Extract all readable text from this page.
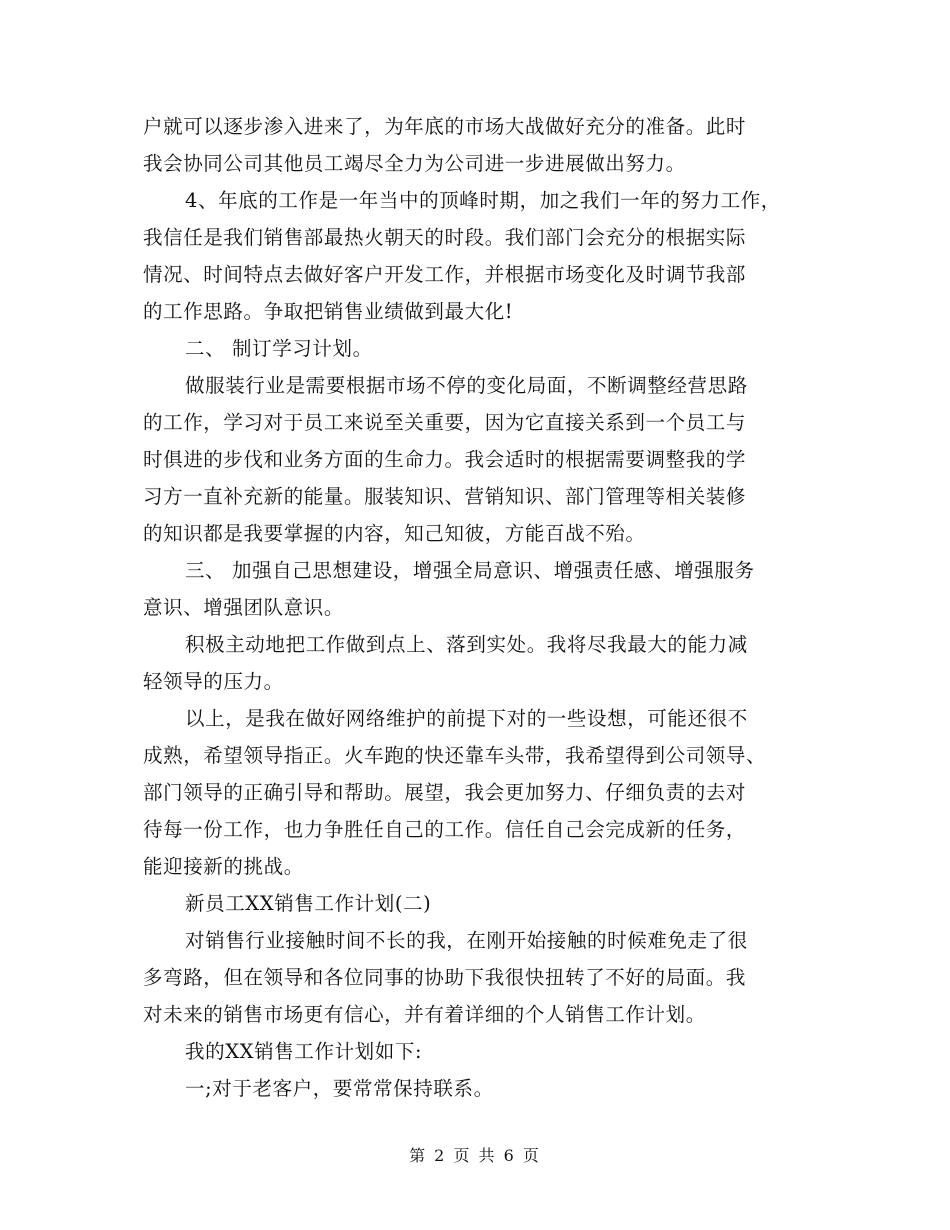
户就可以逐步渗入进来了，为年底的市场大战做好充分的准备。此时
我会协同公司其他员工竭尽全力为公司进一步进展做出努力。
4、年底的工作是一年当中的顶峰时期，加之我们一年的努力工作，
我信任是我们销售部最热火朝天的时段。我们部门会充分的根据实际
情况、时间特点去做好客户开发工作，并根据市场变化及时调节我部
的工作思路。争取把销售业绩做到最大化!
二、 制订学习计划。
做服装行业是需要根据市场不停的变化局面，不断调整经营思路
的工作，学习对于员工来说至关重要，因为它直接关系到一个员工与
时俱进的步伐和业务方面的生命力。我会适时的根据需要调整我的学
习方一直补充新的能量。服装知识、营销知识、部门管理等相关装修
的知识都是我要掌握的内容，知己知彼，方能百战不殆。
三、 加强自己思想建设，增强全局意识、增强责任感、增强服务
意识、增强团队意识。
积极主动地把工作做到点上、落到实处。我将尽我最大的能力减
轻领导的压力。
以上，是我在做好网络维护的前提下对的一些设想，可能还很不
成熟，希望领导指正。火车跑的快还靠车头带，我希望得到公司领导、
部门领导的正确引导和帮助。展望，我会更加努力、仔细负责的去对
待每一份工作，也力争胜任自己的工作。信任自己会完成新的任务，
能迎接新的挑战。
新员工XX销售工作计划(二)
对销售行业接触时间不长的我，在刚开始接触的时候难免走了很
多弯路，但在领导和各位同事的协助下我很快扭转了不好的局面。我
对未来的销售市场更有信心，并有着详细的个人销售工作计划。
我的XX销售工作计划如下:
一;对于老客户，要常常保持联系。
第 2 页 共 6 页
